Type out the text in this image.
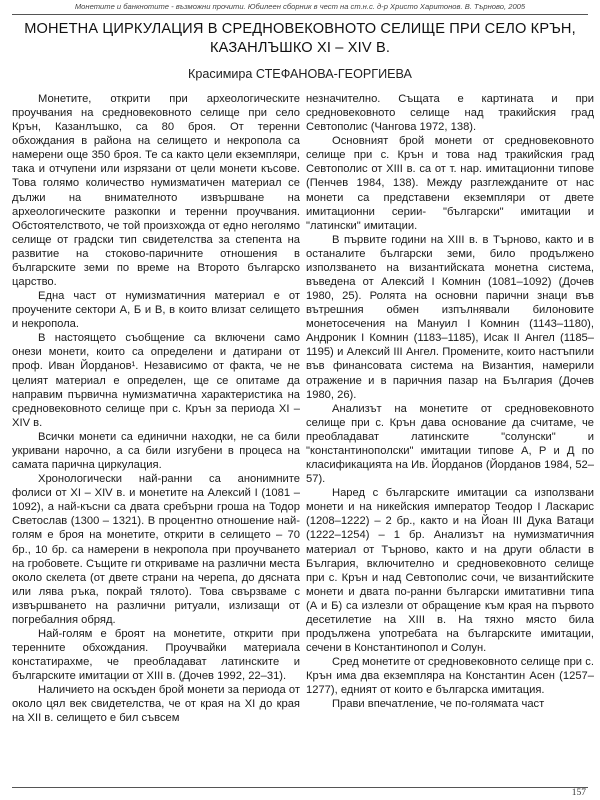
Монетите и банкнотите - възможни прочити. Юбилеен сборник в чест на ст.н.с. д-р Христо Харитонов. В. Търново, 2005
МОНЕТНА ЦИРКУЛАЦИЯ В СРЕДНОВЕКОВНОТО СЕЛИЩЕ ПРИ СЕЛО КРЪН,
КАЗАНЛЪШКО XI – XIV В.
Красимира СТЕФАНОВА-ГЕОРГИЕВА

Монетите, открити при археологическите проучвания на средновековното селище при село Крън, Казанлъшко, са 80 броя. От теренни обхождания в района на селището и некропола са намерени още 350 броя. Те са както цели екземпляри, така и отчупени или изрязани от цели монети късове. Това голямо количество нумизматичен материал се дължи на внимателното извършване на археологическите разкопки и теренни проучвания. Обстоятелството, че той произхожда от едно неголямо селище от градски тип свидетелства за степента на развитие на стоково-паричните отношения в българските земи по време на Второто българско царство.

Една част от нумизматичния материал е от проучените сектори А, Б и В, в които влизат селището и некропола.

В настоящето съобщение са включени само онези монети, които са определени и датирани от проф. Иван Йорданов¹. Независимо от факта, че не целият материал е определен, ще се опитаме да направим първична нумизматична характеристика на средновековното селище при с. Крън за периода XI – XIV в.

Всички монети са единични находки, не са били укривани нарочно, а са били изгубени в процеса на самата парична циркулация.

Хронологически най-ранни са анонимните фолиси от XI – XIV в. и монетите на Алексий I (1081 – 1092), а най-късни са двата сребърни гроша на Тодор Светослав (1300 – 1321). В процентно отношение най-голям е броя на монетите, открити в селището – 70 бр., 10 бр. са намерени в некропола при проучването на гробовете. Същите ги откриваме на различни места около скелета (от двете страни на черепа, до дясната или лява ръка, покрай тялото). Това свързваме с извършването на различни ритуали, излизащи от погребалния обряд.

Най-голям е броят на монетите, открити при теренните обхождания. Проучвайки материала констатирахме, че преобладават латинските и българските имитации от XIII в. (Дочев 1992, 22–31).

Наличието на оскъден брой монети за периода от около цял век свидетелства, че от края на XI до края на XII в. селището е бил съвсем

незначително. Същата е картината и при средновековното селище над тракийския град Севтополис (Чангова 1972, 138).

Основният брой монети от средновековното селище при с. Крън и това над тракийския град Севтополис от XIII в. са от т. нар. имитационни типове (Пенчев 1984, 138). Между разглежданите от нас монети са представени екземпляри от двете имитационни серии- "български" имитации и "латински" имитации.

В първите години на XIII в. в Търново, както и в останалите български земи, било продължено използването на византийската монетна система, въведена от Алексий I Комнин (1081–1092) (Дочев 1980, 25). Ролята на основни парични знаци във вътрешния обмен изпълнявали билоновите монетосечения на Мануил I Комнин (1143–1180), Андроник I Комнин (1183–1185), Исак II Ангел (1185–1195) и Алексий III Ангел. Промените, които настъпили във финансовата система на Византия, намерили отражение и в паричния пазар на България (Дочев 1980, 26).

Анализът на монетите от средновековното селище при с. Крън дава основание да считаме, че преобладават латинските "солунски" и "константинополски" имитации типове А, Р и Д по класификацията на Ив. Йорданов (Йорданов 1984, 52–57).

Наред с българските имитации са използвани монети и на никейския император Теодор I Ласкарис (1208–1222) – 2 бр., както и на Йоан III Дука Ватаци (1222–1254) – 1 бр. Анализът на нумизматичния материал от Търново, както и на други области в България, включително и средновековното селище при с. Крън и над Севтополис сочи, че византийските монети и двата по-ранни български имитативни типа (А и Б) са излезли от обращение към края на първото десетилетие на XIII в. На тяхно място била продължена употребата на българските имитации, сечени в Константинопол и Солун.

Сред монетите от средновековното селище при с. Крън има два екземпляра на Константин Асен (1257–1277), едният от които е българска имитация.

Прави впечатление, че по-голямата част

157
